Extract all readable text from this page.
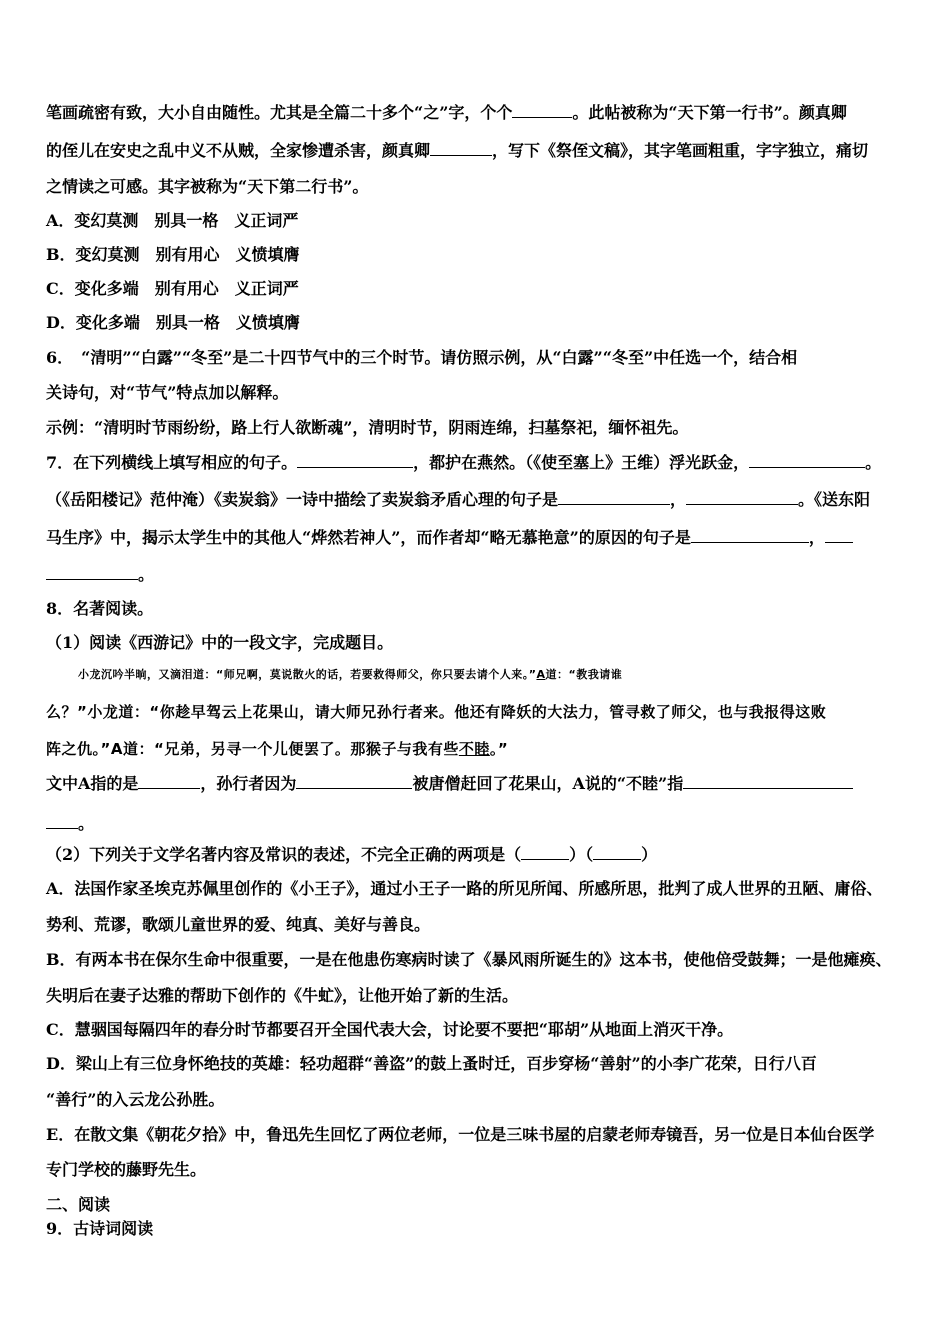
笔画疏密有致，大小自由随性。尤其是全篇二十多个“之”字，个个	。此帖被称为“天下第一行书”。颜真卿
的侄儿在安史之乱中义不从贼，全家惨遭杀害，颜真卿	，写下《祭侄文稿》，其字笔画粗重，字字独立，痛切
之情读之可感。其字被称为“天下第二行书”。
A．变幻莫测　别具一格　义正词严
B．变幻莫测　别有用心　义愤填膺
C．变化多端　别有用心　义正词严
D．变化多端　别具一格　义愤填膺
6．　“清明”“白露”“冬至”是二十四节气中的三个时节。请仿照示例，从“白露”“冬至”中任选一个，结合相
关诗句，对“节气”特点加以解释。
示例：“清明时节雨纷纷，路上行人欲断魂”，清明时节，阴雨连绵，扫墓祭祀，缅怀祖先。
7．在下列横线上填写相应的句子。	，都护在燕然。（《使至塞上》王维）浮光跃金，	。
（《岳阳楼记》范仲淹）《卖炭翁》一诗中描绘了卖炭翁矛盾心理的句子是	，	。《送东阳
马生序》中，揭示太学生中的其他人“烨然若神人”，而作者却“略无慕艳意”的原因的句子是	，
。
8．名著阅读。
（1）阅读《西游记》中的一段文字，完成题目。
小龙沉吟半晌，又滴泪道：“师兄啊，莫说散火的话，若要救得师父，你只要去请个人来。”A道：“教我请谁
么？”小龙道：“你趁早驾云上花果山，请大师兄孙行者来。他还有降妖的大法力，管寻救了师父，也与我报得这败
阵之仇。”A道：“兄弟，另寻一个儿便罢了。那猴子与我有些不睦。”
文中A指的是	，孙行者因为	被唐僧赶回了花果山，A说的“不睦”指
。
（2）下列关于文学名著内容及常识的表述，不完全正确的两项是（	）（	）
A．法国作家圣埃克苏佩里创作的《小王子》，通过小王子一路的所见所闻、所感所思，批判了成人世界的丑陋、庸俗、
势利、荒谬，歌颂儿童世界的爱、纯真、美好与善良。
B．有两本书在保尔生命中很重要，一是在他患伤寒病时读了《暴风雨所诞生的》这本书，使他倍受鼓舞；一是他瘫痪、
失明后在妻子达雅的帮助下创作的《牛虻》，让他开始了新的生活。
C．慧骃国每隔四年的春分时节都要召开全国代表大会，讨论要不要把“耶胡”从地面上消灭干净。
D．梁山上有三位身怀绝技的英雄：轻功超群“善盗”的鼓上蚤时迁，百步穿杨“善射”的小李广花荣，日行八百
“善行”的入云龙公孙胜。
E．在散文集《朝花夕拾》中，鲁迅先生回忆了两位老师，一位是三味书屋的启蒙老师寿镜吾，另一位是日本仙台医学
专门学校的藤野先生。
二、阅读
9．古诗词阅读
